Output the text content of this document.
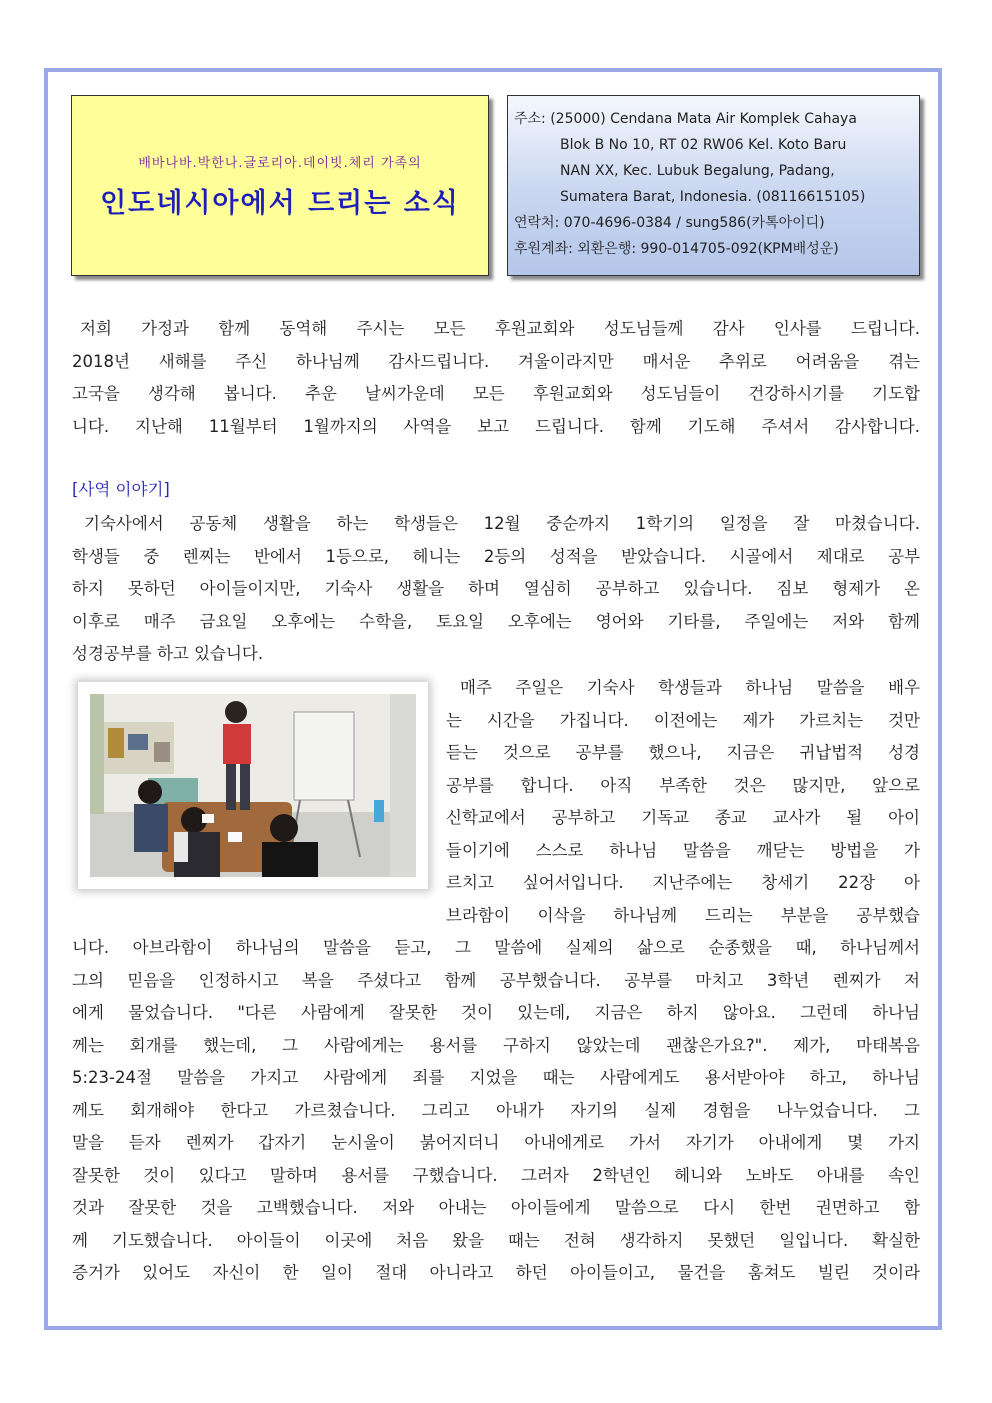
배바나바.박한나.글로리아.데이빗.체리 가족의
인도네시아에서 드리는 소식
주소: (25000) Cendana Mata Air Komplek Cahaya
Blok B No 10, RT 02 RW06 Kel. Koto Baru
NAN XX, Kec. Lubuk Begalung, Padang,
Sumatera Barat, Indonesia. (08116615105)
연락처: 070-4696-0384 / sung586(카톡아이디)
후원계좌: 외환은행: 990-014705-092(KPM배성운)
저희 가정과 함께 동역해 주시는 모든 후원교회와 성도님들께 감사 인사를 드립니다.
2018년 새해를 주신 하나님께 감사드립니다. 겨울이라지만 매서운 추위로 어려움을 겪는
고국을 생각해 봅니다. 추운 날씨가운데 모든 후원교회와 성도님들이 건강하시기를 기도합
니다. 지난해 11월부터 1월까지의 사역을 보고 드립니다. 함께 기도해 주셔서 감사합니다.
[사역 이야기]
기숙사에서 공동체 생활을 하는 학생들은 12월 중순까지 1학기의 일정을 잘 마쳤습니다.
학생들 중 렌찌는 반에서 1등으로, 헤니는 2등의 성적을 받았습니다. 시골에서 제대로 공부
하지 못하던 아이들이지만, 기숙사 생활을 하며 열심히 공부하고 있습니다. 짐보 형제가 온
이후로 매주 금요일 오후에는 수학을, 토요일 오후에는 영어와 기타를, 주일에는 저와 함께
성경공부를 하고 있습니다.
매주 주일은 기숙사 학생들과 하나님 말씀을 배우
는 시간을 가집니다. 이전에는 제가 가르치는 것만
듣는 것으로 공부를 했으나, 지금은 귀납법적 성경
공부를 합니다. 아직 부족한 것은 많지만, 앞으로
신학교에서 공부하고 기독교 종교 교사가 될 아이
들이기에 스스로 하나님 말씀을 깨닫는 방법을 가
르치고 싶어서입니다. 지난주에는 창세기 22장 아
브라함이 이삭을 하나님께 드리는 부분을 공부했습
니다. 아브라함이 하나님의 말씀을 듣고, 그 말씀에 실제의 삶으로 순종했을 때, 하나님께서
그의 믿음을 인정하시고 복을 주셨다고 함께 공부했습니다. 공부를 마치고 3학년 렌찌가 저
에게 물었습니다. "다른 사람에게 잘못한 것이 있는데, 지금은 하지 않아요. 그런데 하나님
께는 회개를 했는데, 그 사람에게는 용서를 구하지 않았는데 괜찮은가요?". 제가, 마태복음
5:23-24절 말씀을 가지고 사람에게 죄를 지었을 때는 사람에게도 용서받아야 하고, 하나님
께도 회개해야 한다고 가르쳤습니다. 그리고 아내가 자기의 실제 경험을 나누었습니다. 그
말을 듣자 렌찌가 갑자기 눈시울이 붉어지더니 아내에게로 가서 자기가 아내에게 몇 가지
잘못한 것이 있다고 말하며 용서를 구했습니다. 그러자 2학년인 헤니와 노바도 아내를 속인
것과 잘못한 것을 고백했습니다. 저와 아내는 아이들에게 말씀으로 다시 한번 권면하고 함
께 기도했습니다. 아이들이 이곳에 처음 왔을 때는 전혀 생각하지 못했던 일입니다. 확실한
증거가 있어도 자신이 한 일이 절대 아니라고 하던 아이들이고, 물건을 훔쳐도 빌린 것이라
